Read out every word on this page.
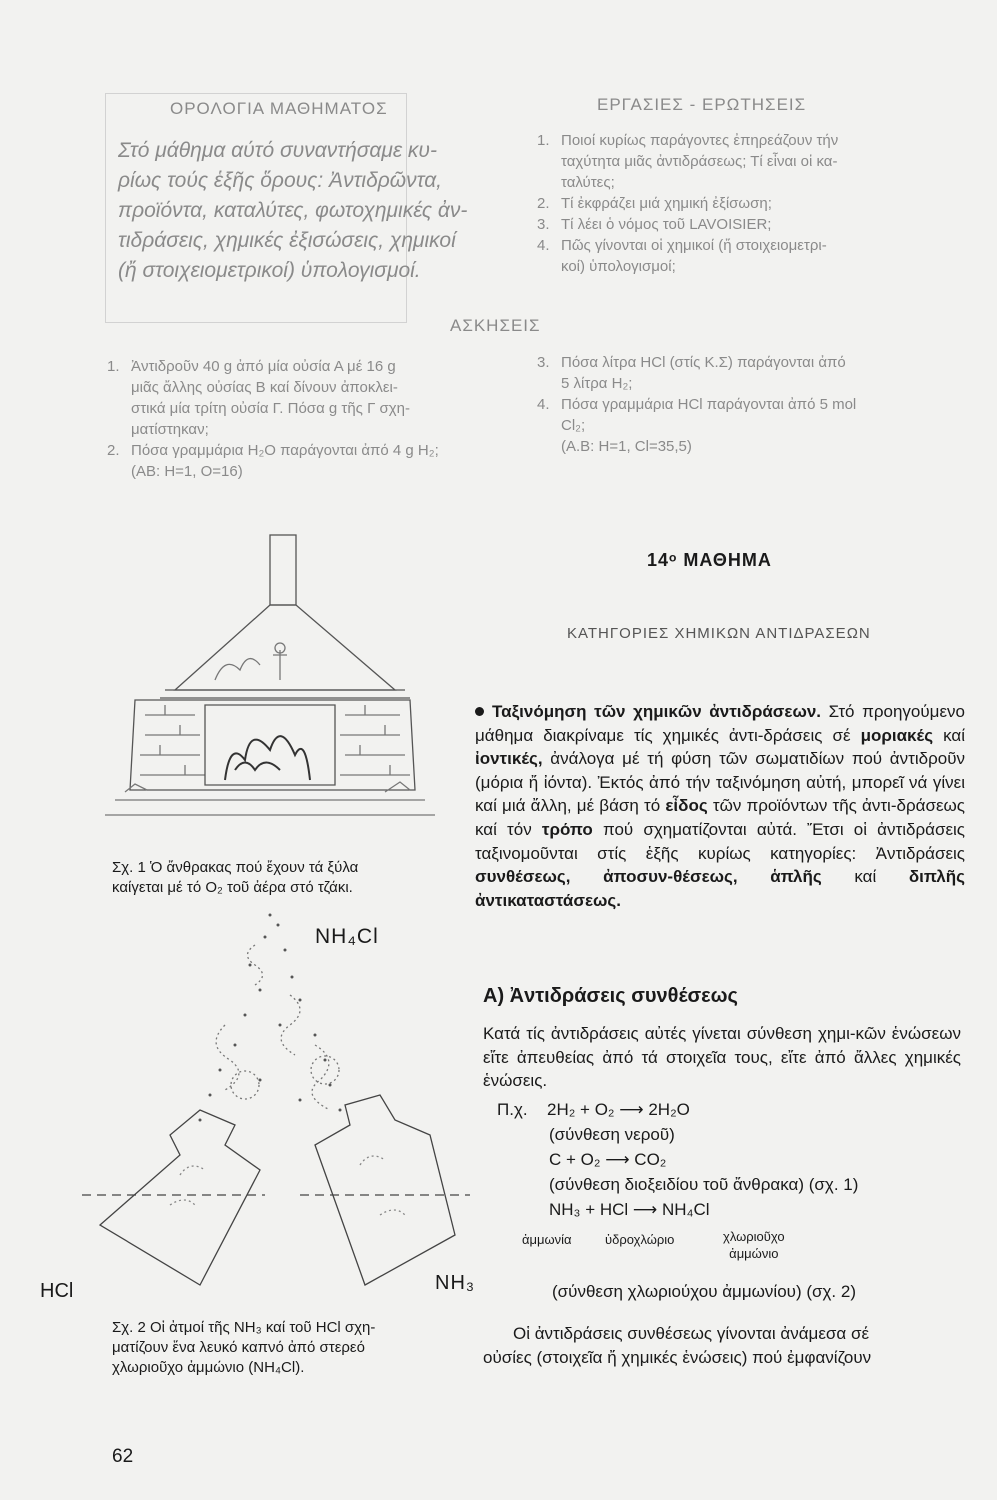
ΟΡΟΛΟΓΙΑ ΜΑΘΗΜΑΤΟΣ
Στό μάθημα αύτό συναντήσαμε κυ-
ρίως τούς ἑξῆς ὅρους: Ἀντιδρῶντα,
προϊόντα, καταλύτες, φωτοχημικές ἀν-
τιδράσεις, χημικές ἐξισώσεις, χημικοί
(ἤ στοιχειομετρικοί) ὑπολογισμοί.
ΕΡΓΑΣΙΕΣ - ΕΡΩΤΗΣΕΙΣ
1. Ποιοί κυρίως παράγοντες ἐπηρεάζουν τήν
ταχύτητα μιᾶς ἀντιδράσεως; Τί εἶναι οἱ κα-
ταλύτες;
2. Τί ἐκφράζει μιά χημική ἐξίσωση;
3. Τί λέει ὁ νόμος τοῦ LAVOISIER;
4. Πῶς γίνονται οἱ χημικοί (ἤ στοιχειομετρι-
κοί) ὑπολογισμοί;
ΑΣΚΗΣΕΙΣ
1. Ἀντιδροῦν 40 g ἀπό μία οὐσία Α μέ 16 g
μιᾶς ἄλλης οὐσίας Β καί δίνουν ἀποκλει-
στικά μία τρίτη οὐσία Γ. Πόσα g τῆς Γ σχη-
ματίστηκαν;
2. Πόσα γραμμάρια H₂O παράγονται ἀπό 4 g H₂;
(ΑΒ: Η=1, Ο=16)
3. Πόσα λίτρα HCl (στίς Κ.Σ) παράγονται ἀπό
5 λίτρα H₂;
4. Πόσα γραμμάρια HCl παράγονται ἀπό 5 mol
Cl₂;
(Α.Β: Η=1, Cl=35,5)
Σχ. 1 Ὁ ἄνθρακας πού ἔχουν τά ξύλα
καίγεται μέ τό O₂ τοῦ ἀέρα στό τζάκι.
NH₄Cl
HCl	NH₃
Σχ. 2 Οἱ ἀτμοί τῆς NH₃ καί τοῦ HCl σχη-
ματίζουν ἕνα λευκό καπνό ἀπό στερεό
χλωριοῦχο ἀμμώνιο (NH₄Cl).
14ᵒ ΜΑΘΗΜΑ
ΚΑΤΗΓΟΡΙΕΣ ΧΗΜΙΚΩΝ ΑΝΤΙΔΡΑΣΕΩΝ
Ταξινόμηση τῶν χημικῶν ἀντιδράσεων. Στό προηγούμενο μάθημα διακρίναμε τίς χημικές ἀντι-δράσεις σέ μοριακές καί ἰοντικές, ἀνάλογα μέ τή φύση τῶν σωματιδίων πού ἀντιδροῦν (μόρια ἤ ἰόντα). Ἐκτός ἀπό τήν ταξινόμηση αὐτή, μπορεῖ νά γίνει καί μιά ἄλλη, μέ βάση τό εἶδος τῶν προϊόντων τῆς ἀντι-δράσεως καί τόν τρόπο πού σχηματίζονται αὐτά. Ἔτσι οἱ ἀντιδράσεις ταξινομοῦνται στίς ἑξῆς κυρίως κατηγορίες: Ἀντιδράσεις συνθέσεως, ἀποσυν-θέσεως, ἁπλῆς καί διπλῆς ἀντικαταστάσεως.
Α) Ἀντιδράσεις συνθέσεως
Κατά τίς ἀντιδράσεις αὐτές γίνεται σύνθεση χημι-κῶν ἑνώσεων εἴτε ἀπευθείας ἀπό τά στοιχεῖα τους, εἴτε ἀπό ἄλλες χημικές ἑνώσεις.
Π.χ. 2H₂ + O₂ ⟶ 2H₂O
(σύνθεση νεροῦ)
C + O₂ ⟶ CO₂
(σύνθεση διοξειδίου τοῦ ἄνθρακα) (σχ. 1)
NH₃ + HCl ⟶ NH₄Cl
ἀμμωνία	ὑδροχλώριο	χλωριοῦχο
ἀμμώνιο
(σύνθεση χλωριούχου ἀμμωνίου) (σχ. 2)
Οἱ ἀντιδράσεις συνθέσεως γίνονται ἀνάμεσα σέ
οὐσίες (στοιχεῖα ἤ χημικές ἑνώσεις) πού ἐμφανίζουν
62
